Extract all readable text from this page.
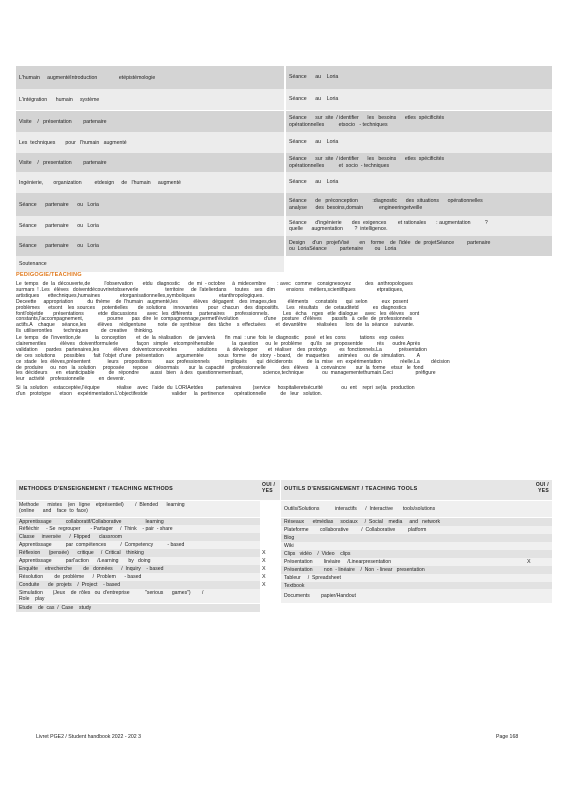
L'humain     augmentéIntroduction               etépistémologie
L'intégration      humain     système
Visite    /   présentation        partenaire
Les  techniques       pour   l'humain   augmenté
Visite    /   presentation        partenaire
Ingénierie,       organization         etdesign     de   l'humain     augmenté
Séance      partenaire      ou   Loria
Séance      partenaire      ou   Loria
Séance      partenaire      ou   Loria
Soutenance
Séance      au    Loria
Séance      au    Loria
Séance      sur  site  / identifier      les   besoins      etles  spécificités
opérationnelles          etsocio   - techniques
Séance      au    Loria
Séance      sur  site  / identifier      les   besoins      etles  spécificités
opérationnelles          et  socio  - techniques
Séance      au    Loria
Séance      de   préconception          :diagnostic      des  situations      opérationnelles
analyse      des  besoins,domain           engineeringetveille
Séance      d'ingénierie       des  exigences        et rationales       : augmentation          ?
quelle      augmentation        ?  intelligence.
Design     d'un   projetVisé       en    forme    de  l'idée   de  projetSéance         partenaire
ou  LoriaSéance         partenaire        ou   Loria
PEDIGOGIE/TEACHING
Le  temps   de  la  découverte,de          l'observation       etdu   diagnostic      de  mi  - octobre     à  midecembre        : avec   comme    consignesoyez          des   anthropologues
surmars  ! .Les   élèves   doiventdécouvriretobserverle                   territoire     de  l'atelierdans      toutes    ses   dim        ensions    métiers,scientifiques               etpratiques,
artistiques      ettechniques,humaines              etorganisationnelles,symboliques                 etanthropologiques.
Deceette     appropriation          du  thème    de  l'humain   augmenté,les           élèves   dégagent    des  images,des        éléments     constatés      qui  selon          eux  posent
problèmes      etsont    les  sources     potentielles       de  solutions     innovantes       pour   chacun    des  dispositifs.     Les   résultats     de  cetauditetd          es  diagnostics
fontl'objetde       présentations          etde  discussions       avec   les  différents     partenaires       professionnels.          Les   écha    nges   etle  dialogue     avec   les  élèves    sont
constants,l'accompagnement,                 pourne      pas  dire  le  compagnonnage,permetl'évolution                  d'une    posture   d'élèves       passifs   à  celle  de  professionnels
actifs.A    chaque     séance,les        élèves     rédigentune        note   de  synthèse     des  tâche    s  effectuées       et  devantêtre       réalisées      lors  de  la  séance    suivante.
Ils  utiliserontles        techniques         de  creative     thinking.
Le  temps   de  l'invention,de          la  conception       et  de  la  réalisation     de  janvierà       fin  mai  : une  fois  le  diagnostic    posé   et les  cons          tations   exp  osées
clairementles          élèves   doiventformulerle             façon   simple    etcompréhensible             la  question     ou  le  problème      qu'ils   se  proposentde          rés      oudre.Après
validation      pardes   partenaires,les          élèves   doiventconcevoirles              solutions       à  développer       et  réaliser    des  prototyp         es  fonctionnels.La            présentation
de  ces  solutions      possibles      fait  l'objet  d'une   présentation         argumentée          sous   forme    de  story  - board,    de  maquettes      animées     ou  de  simulation.        A
ce  stade   les  élèves,présentent            leurs    propositions          aux  professionnels           impliqués       qui  décideronts          de  la  mise   en  expérimentation             réelle.La        décision
de  produire     ou  non   la  solution     proposée      repose     désormais       sur  la  capacité     professionnelle           des   élèves     à  convaincre       sur  la  forme    etsur   le  fond
les  décideurs      en   etanticipable          de   répondre        aussi   bien   à des   questionnementsart,              science,technique             ou  managementethumain.Ceci                préfigure
leur   activité    professionnelle          en  devenir.
Si  la  solution    estacceptée,l'équipe            réalise    avec   l'aide  du  LORIAetdes         partenaires        (service     hospitalieretsécurité             ou  ent    repri  se)la   production
d'un   prototype      etson    expérimentation.L'objectifestde                 valider     la  pertinence       opérationnelle          de   leur   solution.
METHODES D'ENSEIGNEMENT / TEACHING METHODS
OUI /
YES	OUTILS D'ENSEIGNEMENT / TEACHING TOOLS
OUI /
YES
Methode      mixtes    (en   ligne    etprésentiel)        /  Blended      learning
(online      and    face  to  face)
Apprentissage          collaboratif/Collaborative                 learning
Réfléchir     - Se  regrouper       - Partager     /  Think    - pair  - share
Classe     inversée      /  Flipped      classroom
Apprentissage          par  compétences          /  Competency          - based
Réflexion      (pensée)      critique     /  Critical    thinking	X
Apprentissage          parl'action      /Learning       by   doing	X
Enquête     etrecherche        de   données      /  Inquiry    - based	X
Résolution        de  problème      /  Problem      - based	X
Conduite      de  projets    /  Project    - based	X
Simulation       (Jeux    de  rôles   ou  d'entreprise           "serious      games")        /
Role    play
Etude    de  cas  /  Case    study
Outils/Solutions           interactifs      /  Interactive       tools/solutions
Réseaux      etmédias     sociaux     /  Social    media     and   network
Plateforme        collaborative         /  Collaborative         platform
Blog
Wiki
Clips   vidéo    /  Video    clips
Présentation        linéaire     /Linearpresentation	X
Présentation        non  - linéaire    /  Non  - linear   presentation
Tableur     /  Spreadsheet
Textbook
Documents        papier/Handout
Livret PGE2 / Student handbook 2022 - 202 3	Page 168
